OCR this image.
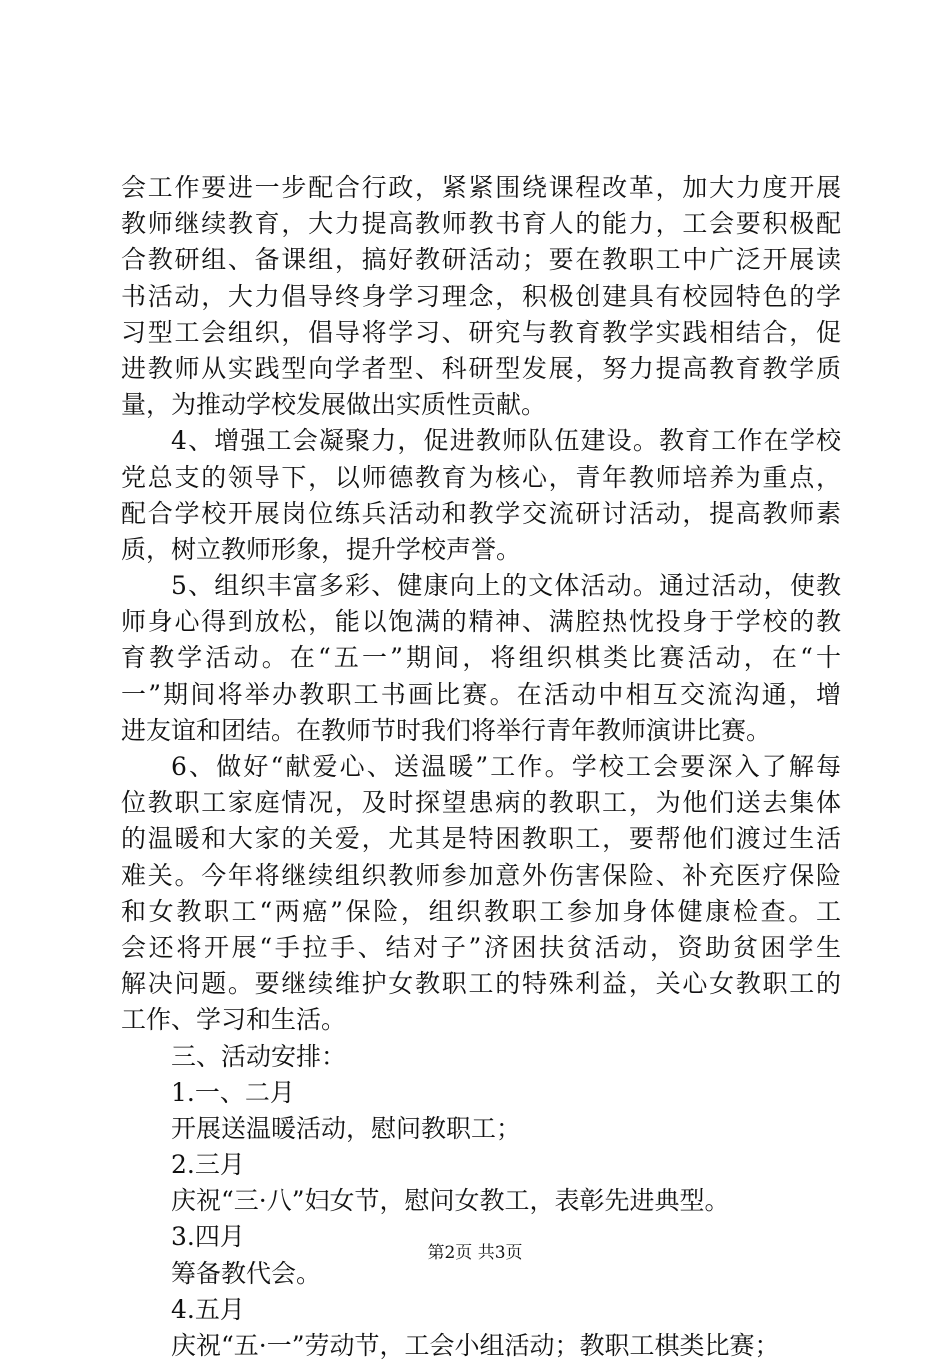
会工作要进一步配合行政，紧紧围绕课程改革，加大力度开展
教师继续教育，大力提高教师教书育人的能力，工会要积极配
合教研组、备课组，搞好教研活动；要在教职工中广泛开展读
书活动，大力倡导终身学习理念，积极创建具有校园特色的学
习型工会组织，倡导将学习、研究与教育教学实践相结合，促
进教师从实践型向学者型、科研型发展，努力提高教育教学质
量，为推动学校发展做出实质性贡献。
4、增强工会凝聚力，促进教师队伍建设。教育工作在学校
党总支的领导下，以师德教育为核心，青年教师培养为重点，
配合学校开展岗位练兵活动和教学交流研讨活动，提高教师素
质，树立教师形象，提升学校声誉。
5、组织丰富多彩、健康向上的文体活动。通过活动，使教
师身心得到放松，能以饱满的精神、满腔热忱投身于学校的教
育教学活动。在“五一”期间，将组织棋类比赛活动，在“十
一”期间将举办教职工书画比赛。在活动中相互交流沟通，增
进友谊和团结。在教师节时我们将举行青年教师演讲比赛。
6、做好“献爱心、送温暖”工作。学校工会要深入了解每
位教职工家庭情况，及时探望患病的教职工，为他们送去集体
的温暖和大家的关爱，尤其是特困教职工，要帮他们渡过生活
难关。今年将继续组织教师参加意外伤害保险、补充医疗保险
和女教职工“两癌”保险，组织教职工参加身体健康检查。工
会还将开展“手拉手、结对子”济困扶贫活动，资助贫困学生
解决问题。要继续维护女教职工的特殊利益，关心女教职工的
工作、学习和生活。
三、活动安排：
1.一、二月
开展送温暖活动，慰问教职工；
2.三月
庆祝“三·八”妇女节，慰问女教工，表彰先进典型。
3.四月
筹备教代会。
4.五月
庆祝“五·一”劳动节，工会小组活动；教职工棋类比赛；
第2页 共3页
